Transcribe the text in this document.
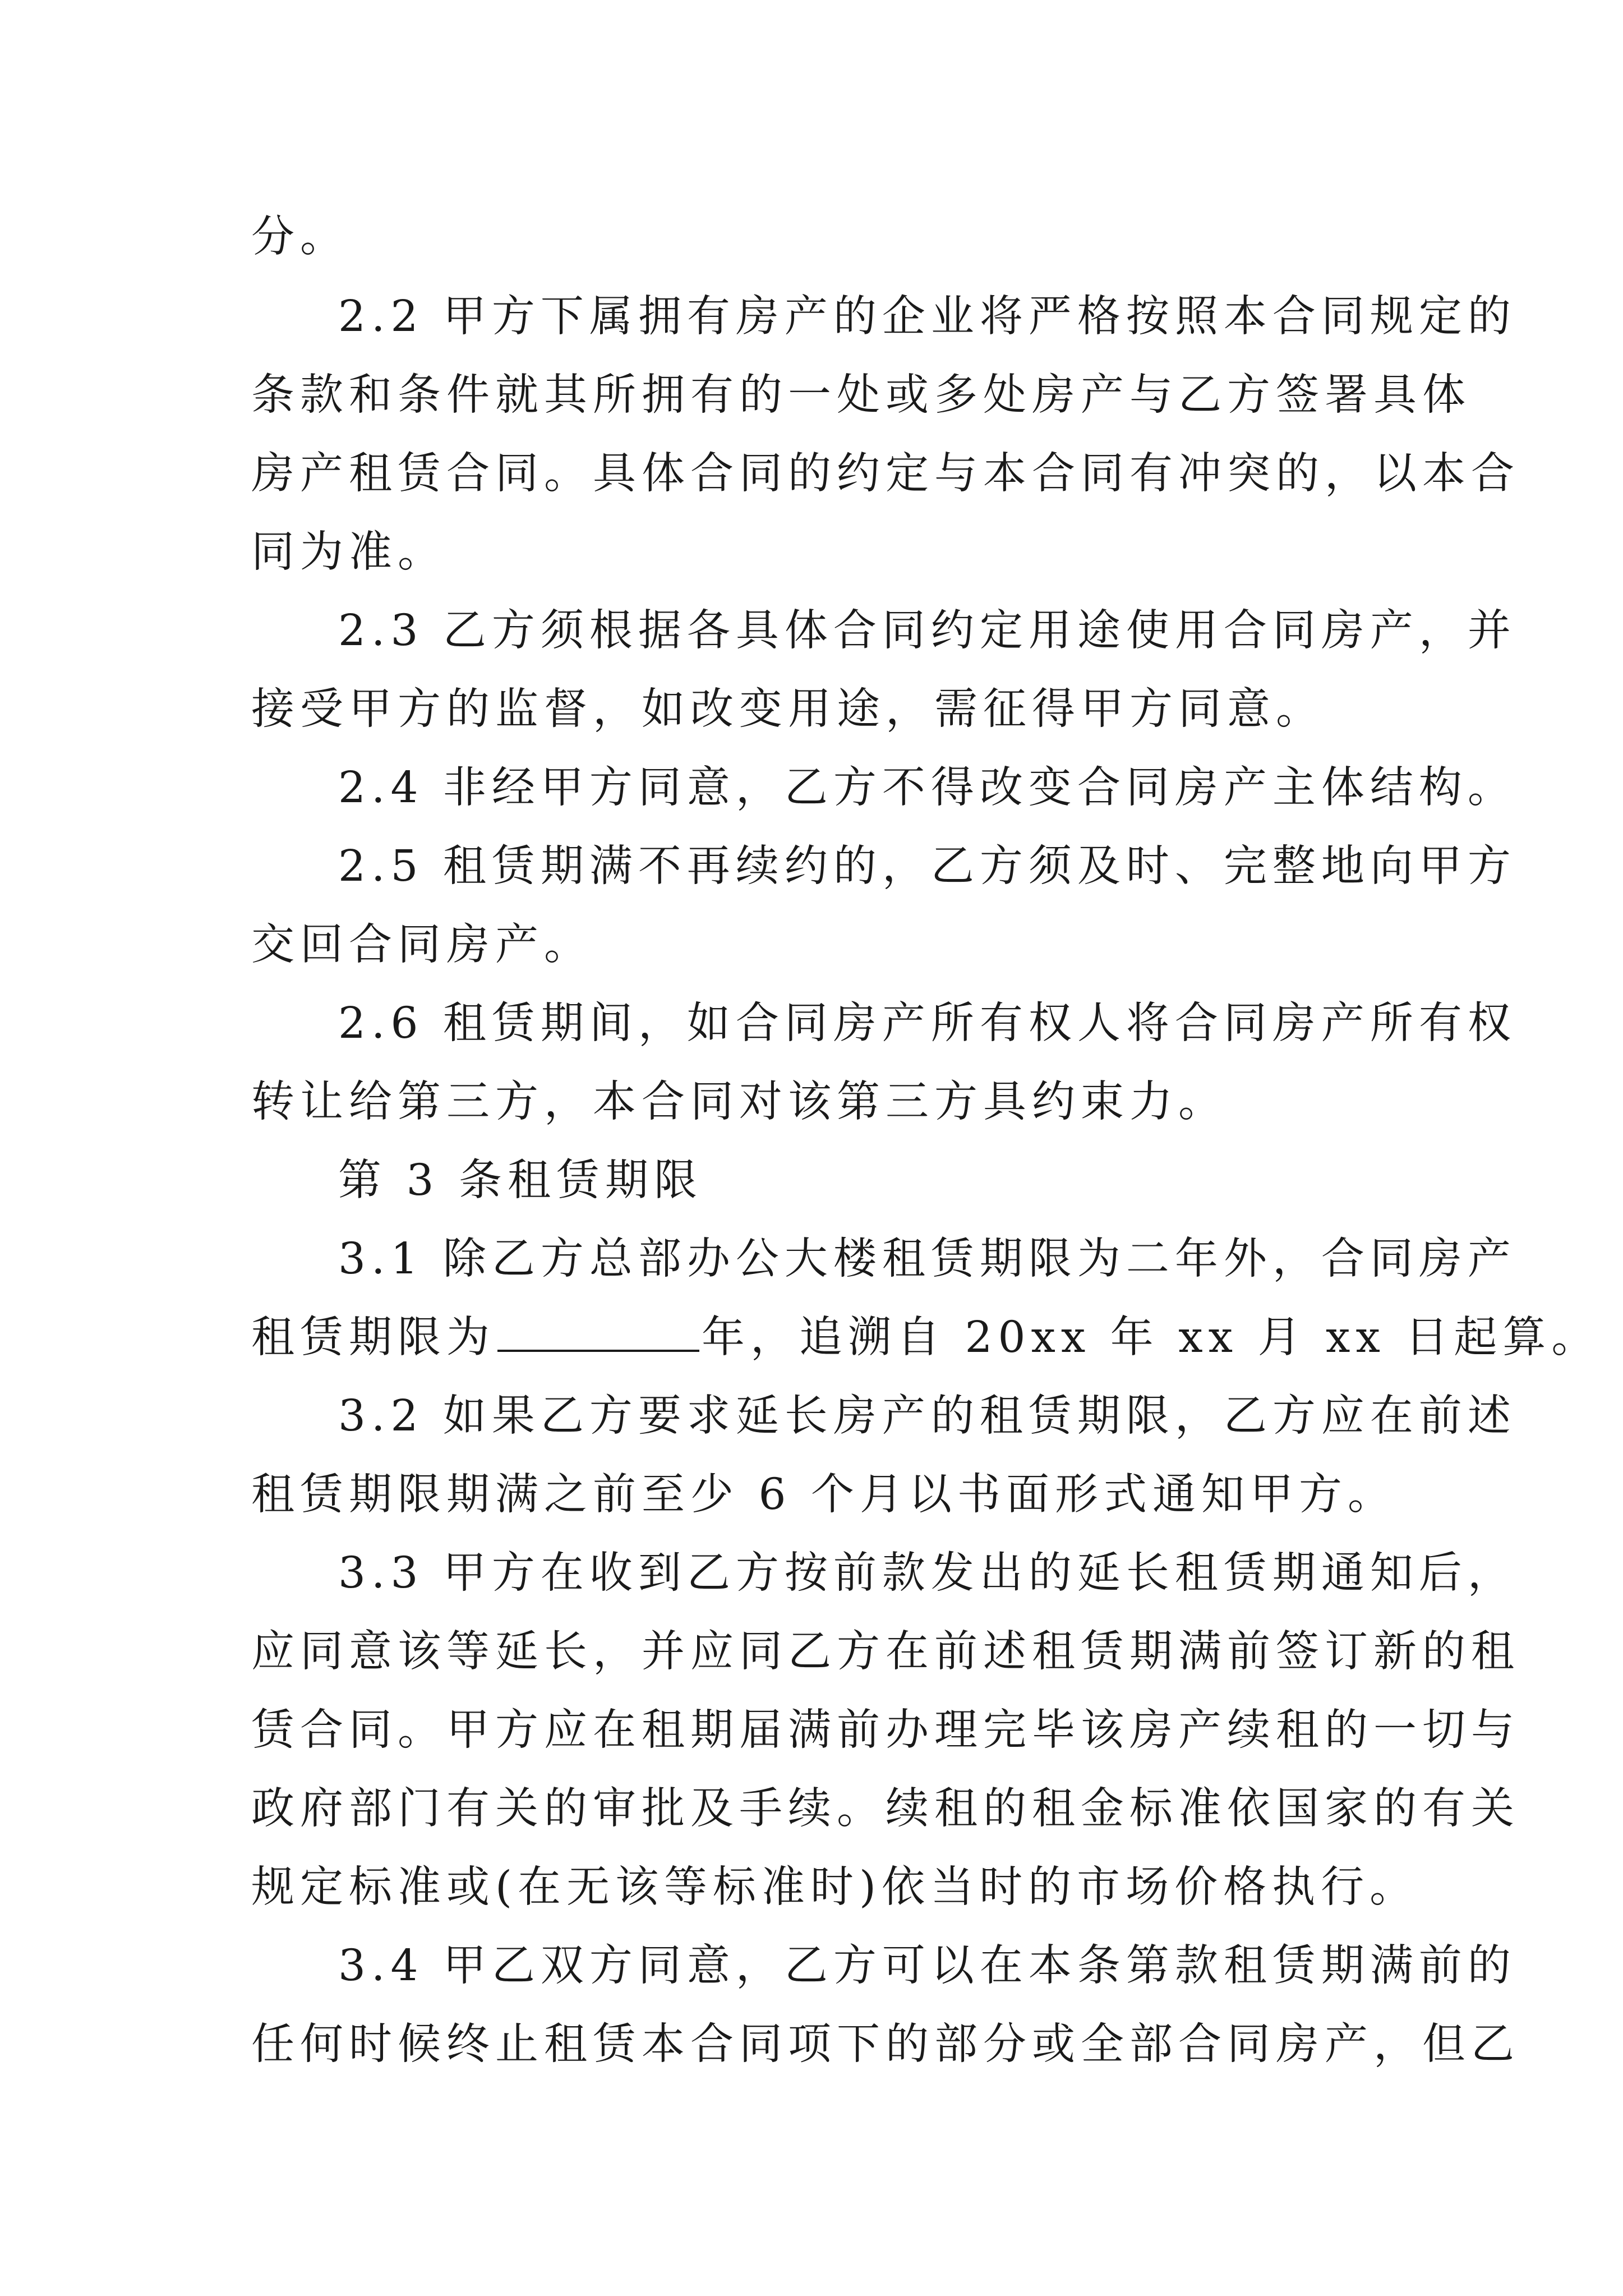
分。
2.2 甲方下属拥有房产的企业将严格按照本合同规定的
条款和条件就其所拥有的一处或多处房产与乙方签署具体
房产租赁合同。具体合同的约定与本合同有冲突的，以本合
同为准。
2.3 乙方须根据各具体合同约定用途使用合同房产，并
接受甲方的监督，如改变用途，需征得甲方同意。
2.4 非经甲方同意，乙方不得改变合同房产主体结构。
2.5 租赁期满不再续约的，乙方须及时、完整地向甲方
交回合同房产。
2.6 租赁期间，如合同房产所有权人将合同房产所有权
转让给第三方，本合同对该第三方具约束力。
第 3 条租赁期限
3.1 除乙方总部办公大楼租赁期限为二年外，合同房产
租赁期限为	年，追溯自 20xx 年 xx 月 xx 日起算。
3.2 如果乙方要求延长房产的租赁期限，乙方应在前述
租赁期限期满之前至少 6 个月以书面形式通知甲方。
3.3 甲方在收到乙方按前款发出的延长租赁期通知后，
应同意该等延长，并应同乙方在前述租赁期满前签订新的租
赁合同。甲方应在租期届满前办理完毕该房产续租的一切与
政府部门有关的审批及手续。续租的租金标准依国家的有关
规定标准或(在无该等标准时)依当时的市场价格执行。
3.4 甲乙双方同意，乙方可以在本条第款租赁期满前的
任何时候终止租赁本合同项下的部分或全部合同房产，但乙
